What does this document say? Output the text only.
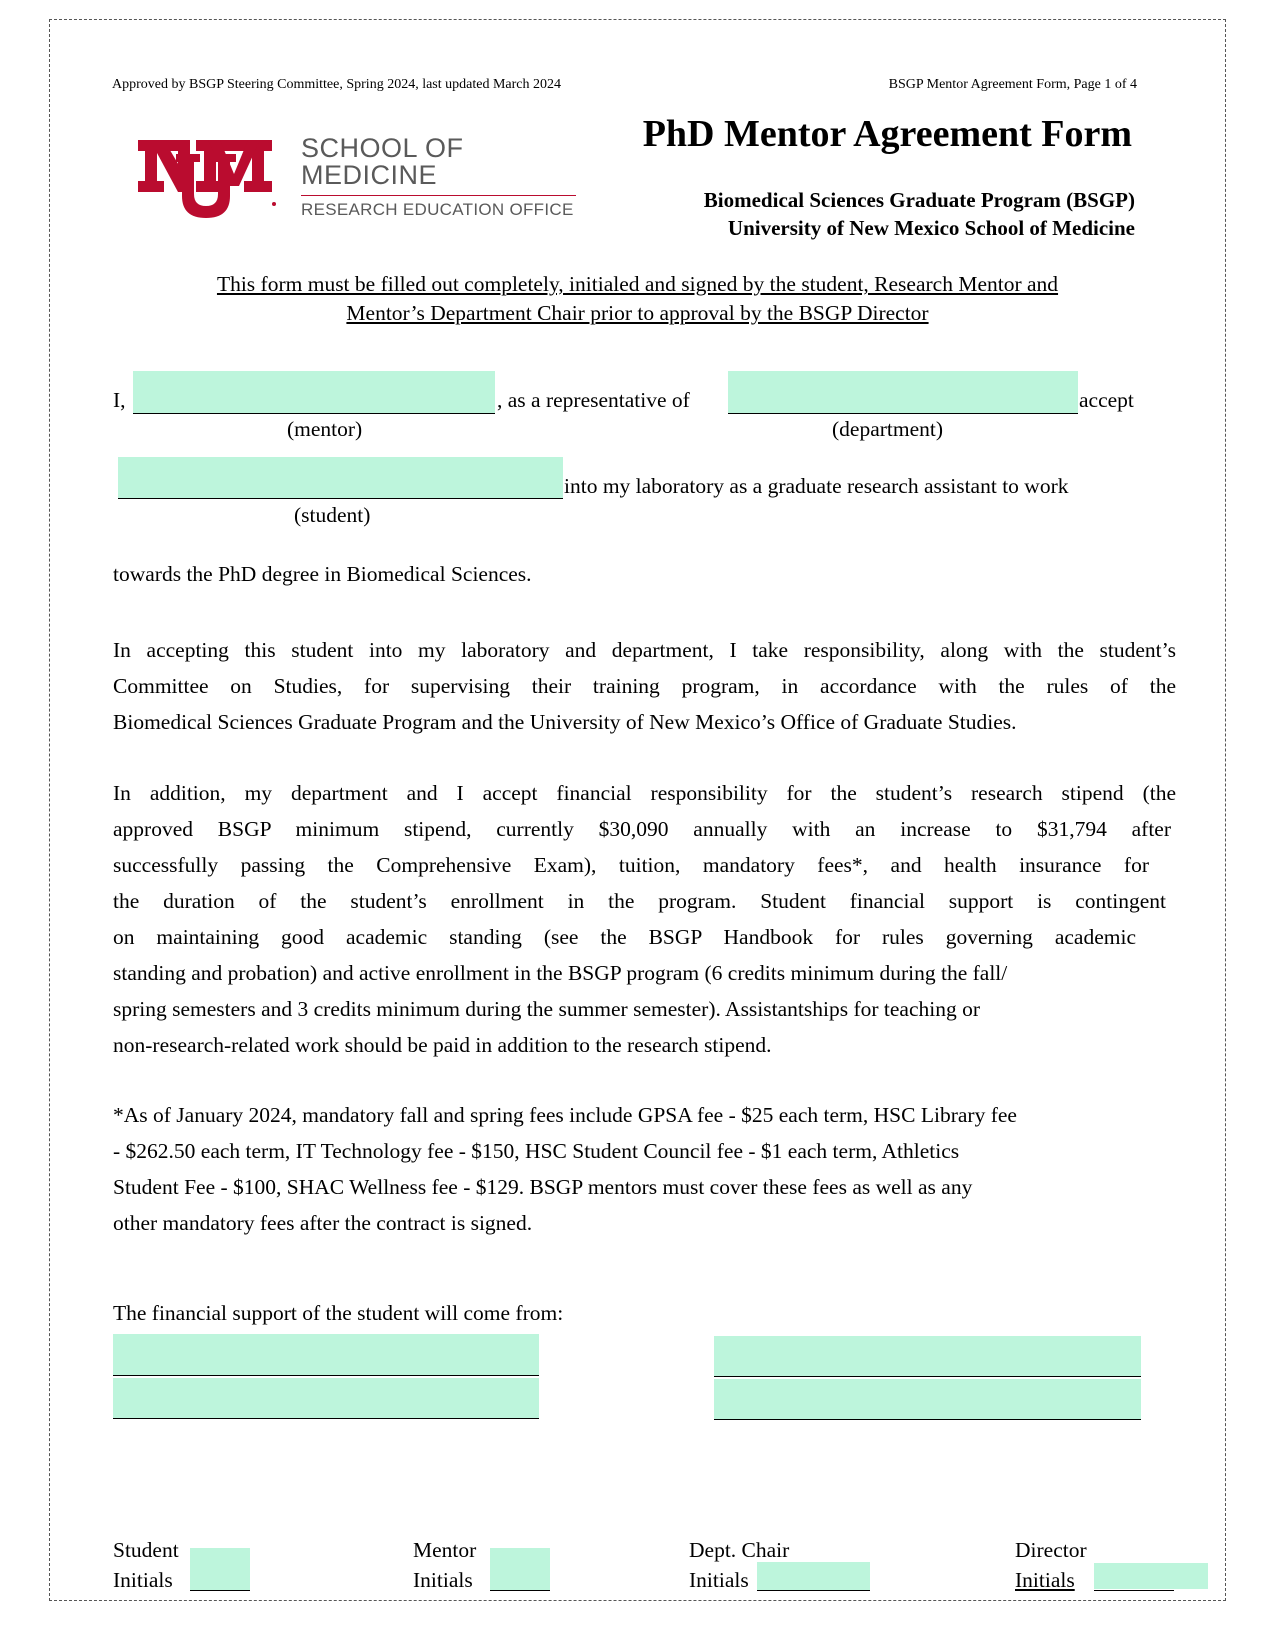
Approved by BSGP Steering Committee, Spring 2024, last updated March 2024	BSGP Mentor Agreement Form, Page 1 of 4
SCHOOL OF
MEDICINE
RESEARCH EDUCATION OFFICE
PhD Mentor Agreement Form
Biomedical Sciences Graduate Program (BSGP)
University of New Mexico School of Medicine
This form must be filled out completely, initialed and signed by the student, Research Mentor and
Mentor’s Department Chair prior to approval by the BSGP Director
I,	, as a representative of	accept
(mentor)	(department)
into my laboratory as a graduate research assistant to work
(student)
towards the PhD degree in Biomedical Sciences.
In accepting this student into my laboratory and department, I take responsibility, along with the student’s
Committee on Studies, for supervising their training program, in accordance with the rules of the
Biomedical Sciences Graduate Program and the University of New Mexico’s Office of Graduate Studies.
In addition, my department and I accept financial responsibility for the student’s research stipend (the
approved BSGP minimum stipend, currently $30,090 annually with an increase to $31,794 after
successfully passing the Comprehensive Exam), tuition, mandatory fees*, and health insurance for
the duration of the student’s enrollment in the program. Student financial support is contingent
on maintaining good academic standing (see the BSGP Handbook for rules governing academic
standing and probation) and active enrollment in the BSGP program (6 credits minimum during the fall/
spring semesters and 3 credits minimum during the summer semester). Assistantships for teaching or
non-research-related work should be paid in addition to the research stipend.
*As of January 2024, mandatory fall and spring fees include GPSA fee - $25 each term, HSC Library fee
- $262.50 each term, IT Technology fee - $150, HSC Student Council fee - $1 each term, Athletics
Student Fee - $100, SHAC Wellness fee - $129. BSGP mentors must cover these fees as well as any
other mandatory fees after the contract is signed.
The financial support of the student will come from:
Student
Initials
Mentor
Initials
Dept. Chair
Initials
Director
Initials
